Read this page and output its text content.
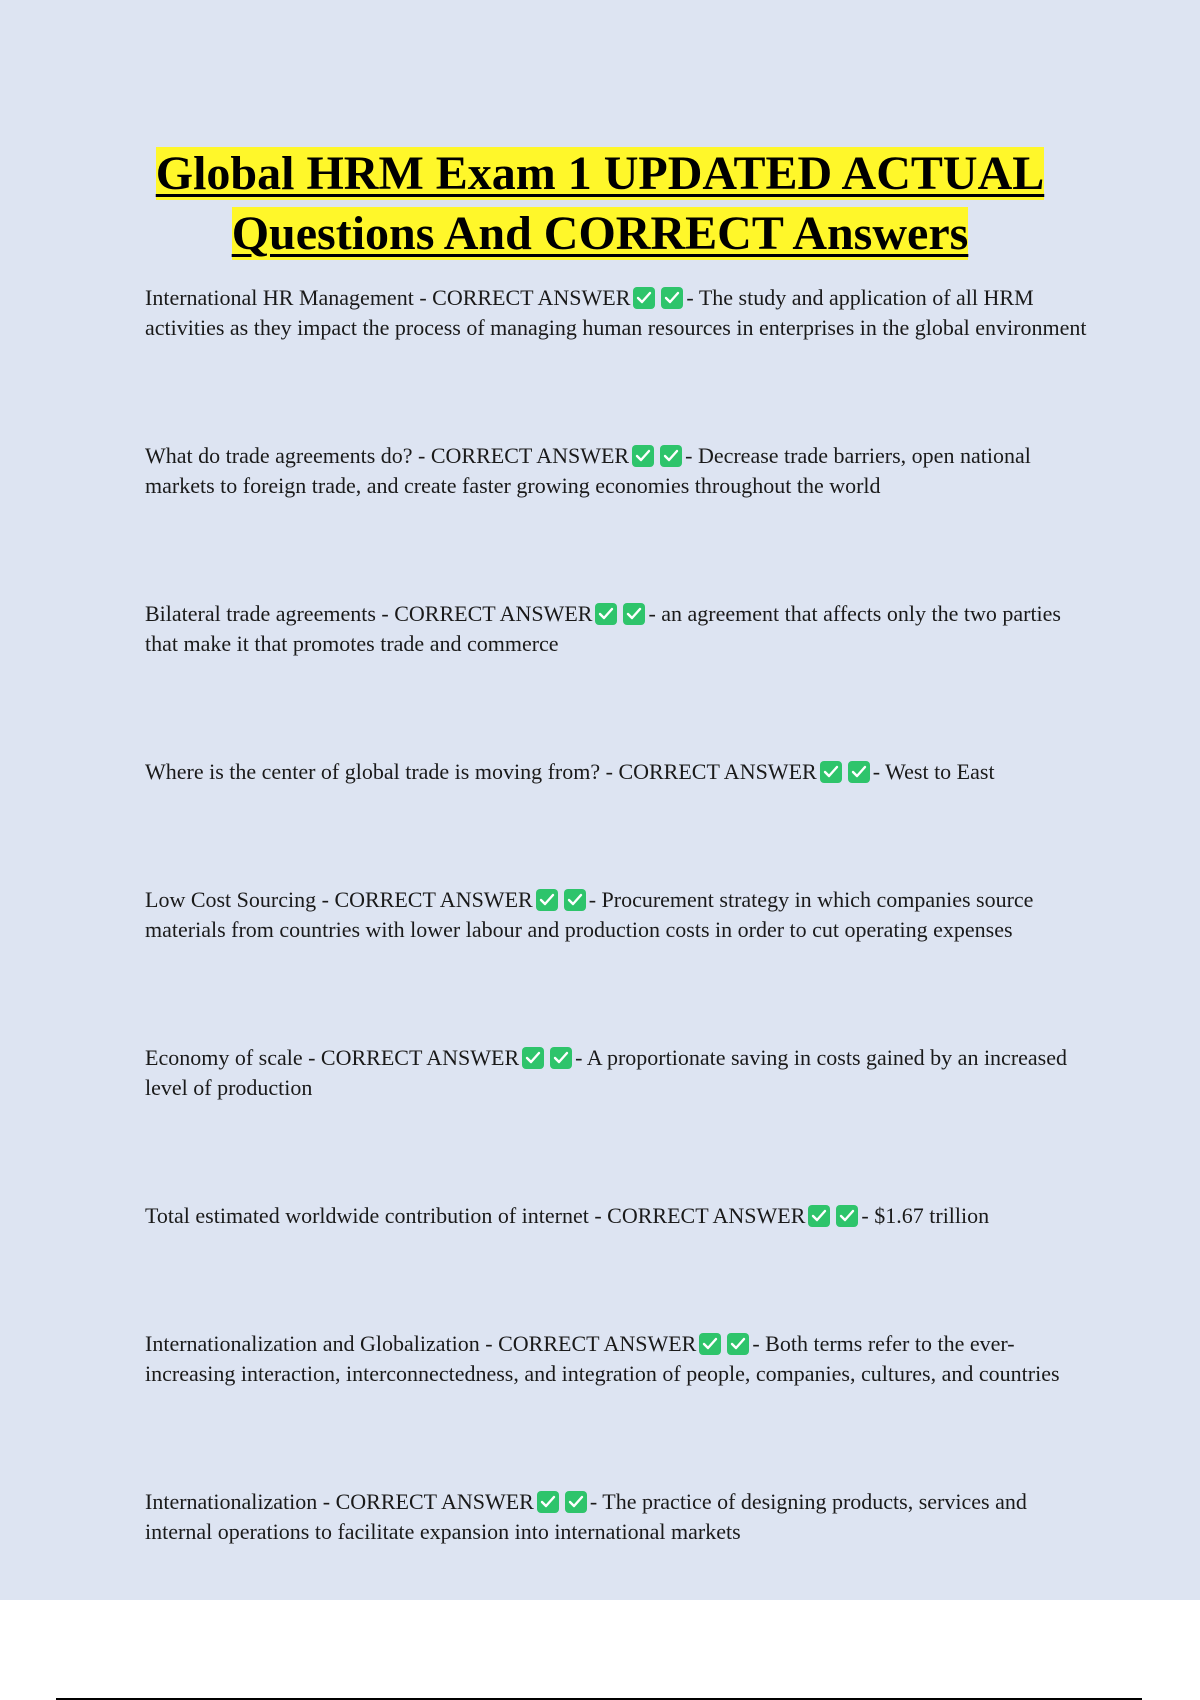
Global HRM Exam 1 UPDATED ACTUAL
Questions And CORRECT Answers

International HR Management - CORRECT ANSWER	- The study and application of all HRM activities as they impact the process of managing human resources in enterprises in the global environment

What do trade agreements do? - CORRECT ANSWER	- Decrease trade barriers, open national markets to foreign trade, and create faster growing economies throughout the world

Bilateral trade agreements - CORRECT ANSWER	- an agreement that affects only the two parties that make it that promotes trade and commerce

Where is the center of global trade is moving from? - CORRECT ANSWER	- West to East

Low Cost Sourcing - CORRECT ANSWER	- Procurement strategy in which companies source materials from countries with lower labour and production costs in order to cut operating expenses

Economy of scale - CORRECT ANSWER	- A proportionate saving in costs gained by an increased level of production

Total estimated worldwide contribution of internet - CORRECT ANSWER	- $1.67 trillion

Internationalization and Globalization - CORRECT ANSWER	- Both terms refer to the ever-increasing interaction, interconnectedness, and integration of people, companies, cultures, and countries

Internationalization - CORRECT ANSWER	- The practice of designing products, services and internal operations to facilitate expansion into international markets
